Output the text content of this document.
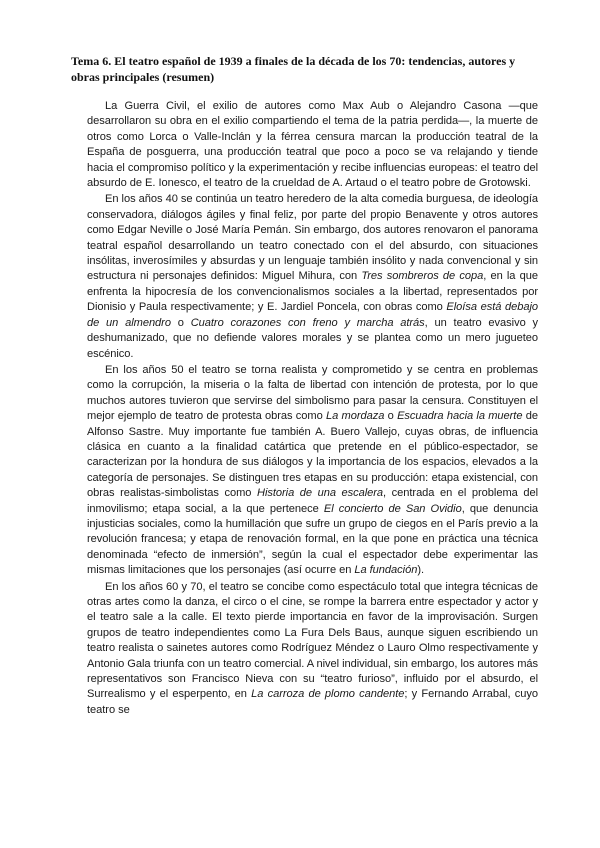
Tema 6. El teatro español de 1939 a finales de la década de los 70: tendencias, autores y obras principales (resumen)

La Guerra Civil, el exilio de autores como Max Aub o Alejandro Casona —que desarrollaron su obra en el exilio compartiendo el tema de la patria perdida—, la muerte de otros como Lorca o Valle-Inclán y la férrea censura marcan la producción teatral de la España de posguerra, una producción teatral que poco a poco se va relajando y tiende hacia el compromiso político y la experimentación y recibe influencias europeas: el teatro del absurdo de E. Ionesco, el teatro de la crueldad de A. Artaud o el teatro pobre de Grotowski.

En los años 40 se continúa un teatro heredero de la alta comedia burguesa, de ideología conservadora, diálogos ágiles y final feliz, por parte del propio Benavente y otros autores como Edgar Neville o José María Pemán. Sin embargo, dos autores renovaron el panorama teatral español desarrollando un teatro conectado con el del absurdo, con situaciones insólitas, inverosímiles y absurdas y un lenguaje también insólito y nada convencional y sin estructura ni personajes definidos: Miguel Mihura, con Tres sombreros de copa, en la que enfrenta la hipocresía de los convencionalismos sociales a la libertad, representados por Dionisio y Paula respectivamente; y E. Jardiel Poncela, con obras como Eloísa está debajo de un almendro o Cuatro corazones con freno y marcha atrás, un teatro evasivo y deshumanizado, que no defiende valores morales y se plantea como un mero jugueteo escénico.

En los años 50 el teatro se torna realista y comprometido y se centra en problemas como la corrupción, la miseria o la falta de libertad con intención de protesta, por lo que muchos autores tuvieron que servirse del simbolismo para pasar la censura. Constituyen el mejor ejemplo de teatro de protesta obras como La mordaza o Escuadra hacia la muerte de Alfonso Sastre. Muy importante fue también A. Buero Vallejo, cuyas obras, de influencia clásica en cuanto a la finalidad catártica que pretende en el público-espectador, se caracterizan por la hondura de sus diálogos y la importancia de los espacios, elevados a la categoría de personajes. Se distinguen tres etapas en su producción: etapa existencial, con obras realistas-simbolistas como Historia de una escalera, centrada en el problema del inmovilismo; etapa social, a la que pertenece El concierto de San Ovidio, que denuncia injusticias sociales, como la humillación que sufre un grupo de ciegos en el París previo a la revolución francesa; y etapa de renovación formal, en la que pone en práctica una técnica denominada “efecto de inmersión”, según la cual el espectador debe experimentar las mismas limitaciones que los personajes (así ocurre en La fundación).

En los años 60 y 70, el teatro se concibe como espectáculo total que integra técnicas de otras artes como la danza, el circo o el cine, se rompe la barrera entre espectador y actor y el teatro sale a la calle. El texto pierde importancia en favor de la improvisación. Surgen grupos de teatro independientes como La Fura Dels Baus, aunque siguen escribiendo un teatro realista o sainetes autores como Rodríguez Méndez o Lauro Olmo respectivamente y Antonio Gala triunfa con un teatro comercial. A nivel individual, sin embargo, los autores más representativos son Francisco Nieva con su “teatro furioso”, influido por el absurdo, el Surrealismo y el esperpento, en La carroza de plomo candente; y Fernando Arrabal, cuyo teatro se
